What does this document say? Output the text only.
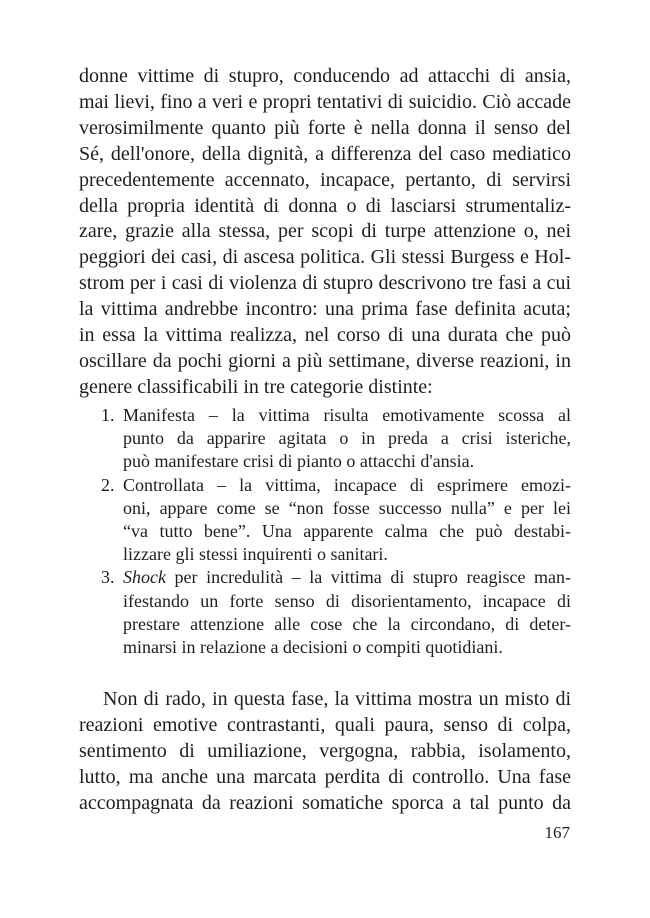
donne vittime di stupro, conducendo ad attacchi di ansia,
mai lievi, fino a veri e propri tentativi di suicidio. Ciò accade
verosimilmente quanto più forte è nella donna il senso del
Sé, dell'onore, della dignità, a differenza del caso mediatico
precedentemente accennato, incapace, pertanto, di servirsi
della propria identità di donna o di lasciarsi strumentaliz-
zare, grazie alla stessa, per scopi di turpe attenzione o, nei
peggiori dei casi, di ascesa politica. Gli stessi Burgess e Hol-
strom per i casi di violenza di stupro descrivono tre fasi a cui
la vittima andrebbe incontro: una prima fase definita acuta;
in essa la vittima realizza, nel corso di una durata che può
oscillare da pochi giorni a più settimane, diverse reazioni, in
genere classificabili in tre categorie distinte:
1. Manifesta – la vittima risulta emotivamente scossa al
punto da apparire agitata o in preda a crisi isteriche,
può manifestare crisi di pianto o attacchi d'ansia.
2. Controllata – la vittima, incapace di esprimere emozi-
oni, appare come se “non fosse successo nulla” e per lei
“va tutto bene”. Una apparente calma che può destabi-
lizzare gli stessi inquirenti o sanitari.
3. Shock per incredulità – la vittima di stupro reagisce man-
ifestando un forte senso di disorientamento, incapace di
prestare attenzione alle cose che la circondano, di deter-
minarsi in relazione a decisioni o compiti quotidiani.
Non di rado, in questa fase, la vittima mostra un misto di
reazioni emotive contrastanti, quali paura, senso di colpa,
sentimento di umiliazione, vergogna, rabbia, isolamento,
lutto, ma anche una marcata perdita di controllo. Una fase
accompagnata da reazioni somatiche sporca a tal punto da
167
